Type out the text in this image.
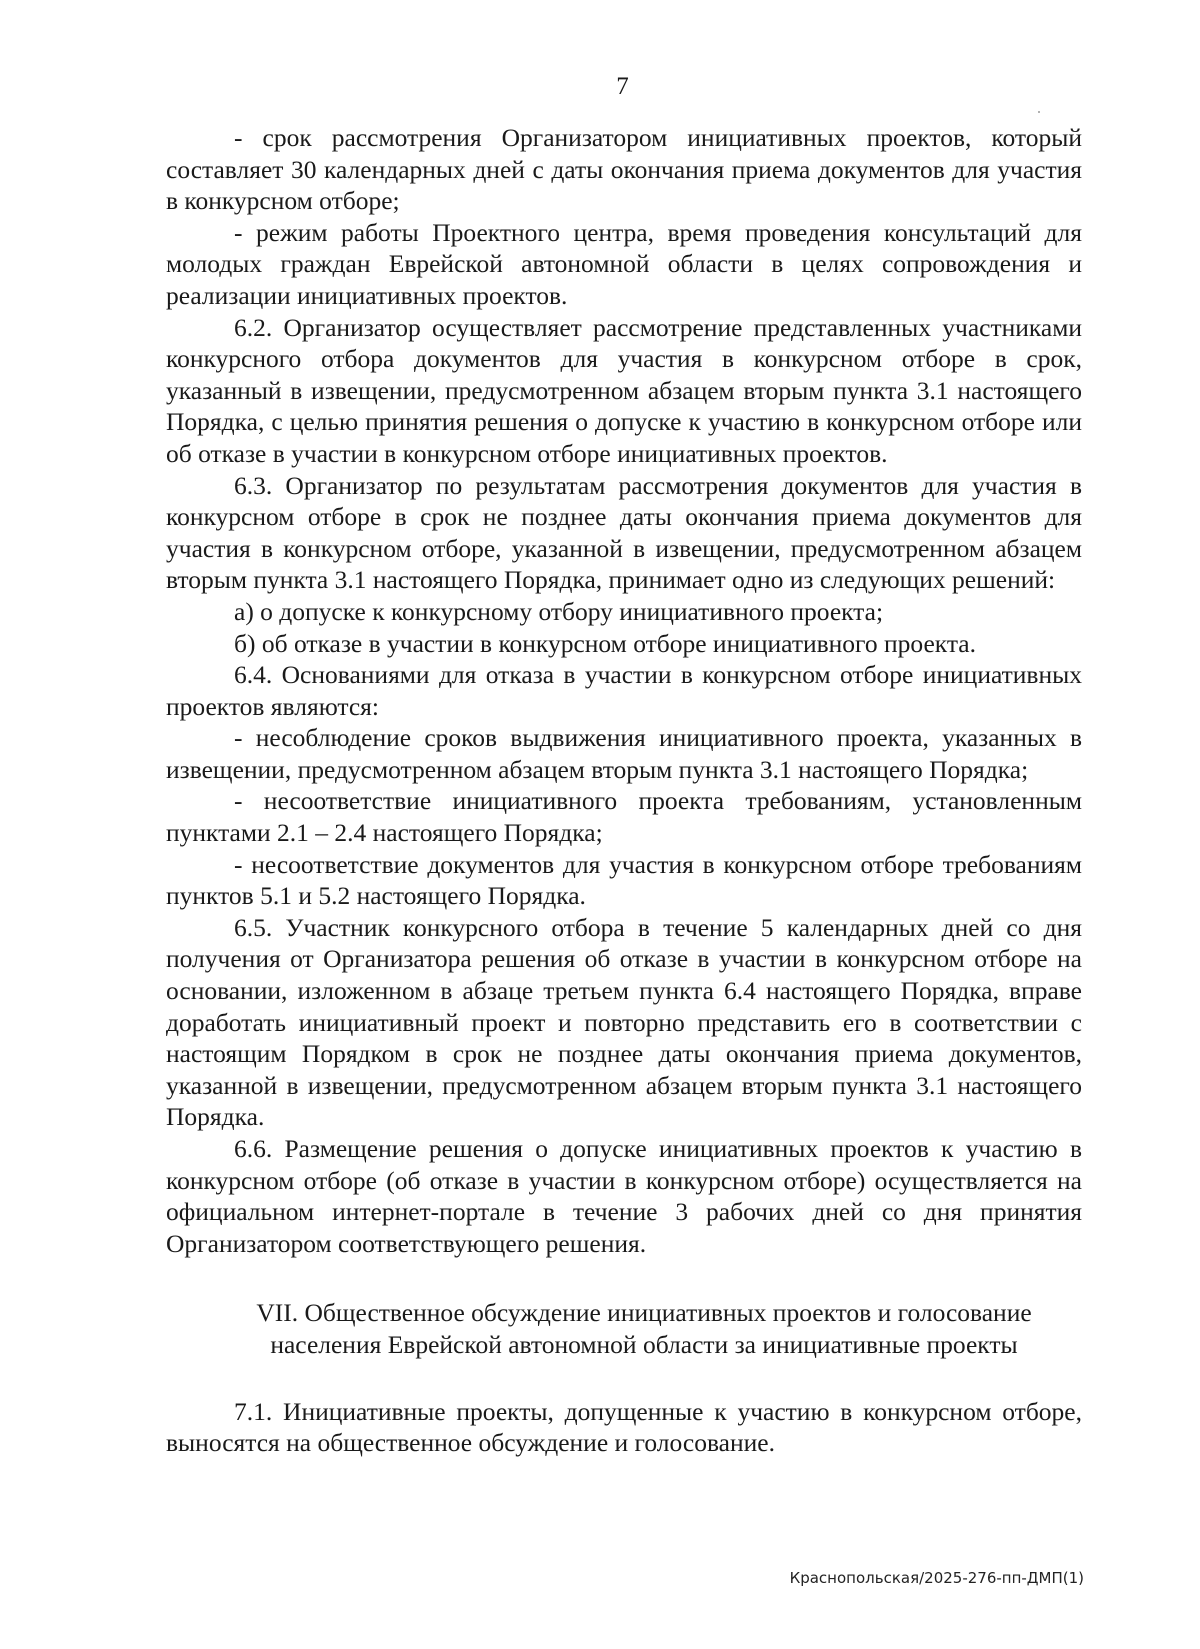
7

- срок рассмотрения Организатором инициативных проектов, который составляет 30 календарных дней с даты окончания приема документов для участия в конкурсном отборе;

- режим работы Проектного центра, время проведения консультаций для молодых граждан Еврейской автономной области в целях сопровождения и реализации инициативных проектов.

6.2. Организатор осуществляет рассмотрение представленных участниками конкурсного отбора документов для участия в конкурсном отборе в срок, указанный в извещении, предусмотренном абзацем вторым пункта 3.1 настоящего Порядка, с целью принятия решения о допуске к участию в конкурсном отборе или об отказе в участии в конкурсном отборе инициативных проектов.

6.3. Организатор по результатам рассмотрения документов для участия в конкурсном отборе в срок не позднее даты окончания приема документов для участия в конкурсном отборе, указанной в извещении, предусмотренном абзацем вторым пункта 3.1 настоящего Порядка, принимает одно из следующих решений:

а) о допуске к конкурсному отбору инициативного проекта;

б) об отказе в участии в конкурсном отборе инициативного проекта.

6.4. Основаниями для отказа в участии в конкурсном отборе инициативных проектов являются:

- несоблюдение сроков выдвижения инициативного проекта, указанных в извещении, предусмотренном абзацем вторым пункта 3.1 настоящего Порядка;

- несоответствие инициативного проекта требованиям, установленным пунктами 2.1 – 2.4 настоящего Порядка;

- несоответствие документов для участия в конкурсном отборе требованиям пунктов 5.1 и 5.2 настоящего Порядка.

6.5. Участник конкурсного отбора в течение 5 календарных дней со дня получения от Организатора решения об отказе в участии в конкурсном отборе на основании, изложенном в абзаце третьем пункта 6.4 настоящего Порядка, вправе доработать инициативный проект и повторно представить его в соответствии с настоящим Порядком в срок не позднее даты окончания приема документов, указанной в извещении, предусмотренном абзацем вторым пункта 3.1 настоящего Порядка.

6.6. Размещение решения о допуске инициативных проектов к участию в конкурсном отборе (об отказе в участии в конкурсном отборе) осуществляется на официальном интернет-портале в течение 3 рабочих дней со дня принятия Организатором соответствующего решения.

VII. Общественное обсуждение инициативных проектов и голосование
населения Еврейской автономной области за инициативные проекты

7.1. Инициативные проекты, допущенные к участию в конкурсном отборе, выносятся на общественное обсуждение и голосование.

Краснопольская/2025-276-пп-ДМП(1)
